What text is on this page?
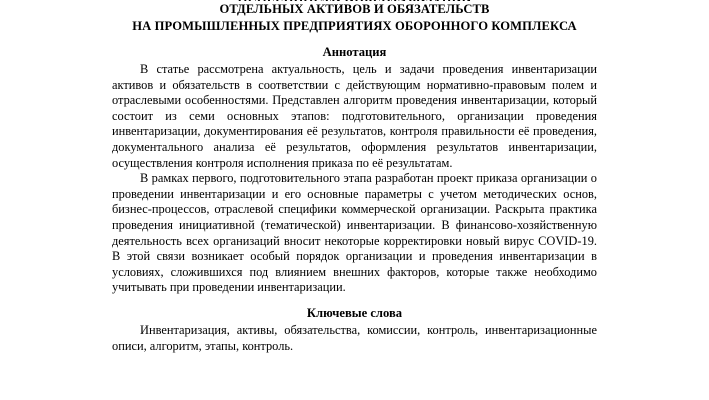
ОТДЕЛЬНЫХ АКТИВОВ И ОБЯЗАТЕЛЬСТВ
НА ПРОМЫШЛЕННЫХ ПРЕДПРИЯТИЯХ ОБОРОННОГО КОМПЛЕКСА
Аннотация

В статье рассмотрена актуальность, цель и задачи проведения инвентаризации активов и обязательств в соответствии с действующим нормативно-правовым полем и отраслевыми особенностями. Представлен алгоритм проведения инвентаризации, который состоит из семи основных этапов: подготовительного, организации проведения инвентаризации, документирования её результатов, контроля правильности её проведения, документального анализа её результатов, оформления результатов инвентаризации, осуществления контроля исполнения приказа по её результатам.

В рамках первого, подготовительного этапа разработан проект приказа организации о проведении инвентаризации и его основные параметры с учетом методических основ, бизнес-процессов, отраслевой специфики коммерческой организации. Раскрыта практика проведения инициативной (тематической) инвентаризации. В финансово-хозяйственную деятельность всех организаций вносит некоторые корректировки новый вирус COVID-19. В этой связи возникает особый порядок организации и проведения инвентаризации в условиях, сложившихся под влиянием внешних факторов, которые также необходимо учитывать при проведении инвентаризации.

Ключевые слова

Инвентаризация, активы, обязательства, комиссии, контроль, инвентаризационные описи, алгоритм, этапы, контроль.
